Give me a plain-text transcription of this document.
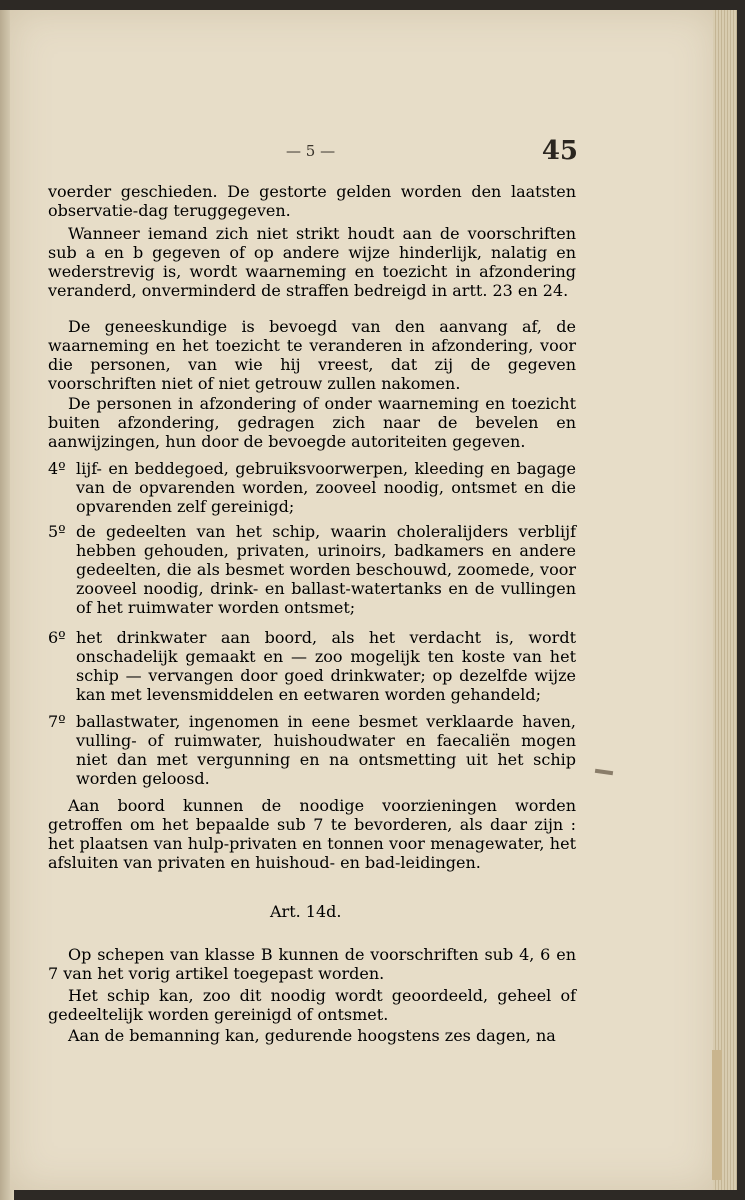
— 5 —	45

voerder geschieden. De gestorte gelden worden den laatsten observatie-dag teruggegeven.

Wanneer iemand zich niet strikt houdt aan de voorschriften sub a en b gegeven of op andere wijze hinderlijk, nalatig en wederstrevig is, wordt waarneming en toezicht in afzondering veranderd, onverminderd de straffen bedreigd in artt. 23 en 24.

De geneeskundige is bevoegd van den aanvang af, de waarneming en het toezicht te veranderen in afzondering, voor die personen, van wie hij vreest, dat zij de gegeven voorschriften niet of niet getrouw zullen nakomen.

De personen in afzondering of onder waarneming en toezicht buiten afzondering, gedragen zich naar de bevelen en aanwijzingen, hun door de bevoegde autoriteiten gegeven.

4º lijf- en beddegoed, gebruiksvoorwerpen, kleeding en bagage van de opvarenden worden, zooveel noodig, ontsmet en die opvarenden zelf gereinigd;

5º de gedeelten van het schip, waarin choleralijders verblijf hebben gehouden, privaten, urinoirs, badkamers en andere gedeelten, die als besmet worden beschouwd, zoomede, voor zooveel noodig, drink- en ballast-watertanks en de vullingen of het ruimwater worden ontsmet;

6º het drinkwater aan boord, als het verdacht is, wordt onschadelijk gemaakt en — zoo mogelijk ten koste van het schip — vervangen door goed drinkwater; op dezelfde wijze kan met levensmiddelen en eetwaren worden gehandeld;

7º ballastwater, ingenomen in eene besmet verklaarde haven, vulling- of ruimwater, huishoudwater en faecaliën mogen niet dan met vergunning en na ontsmetting uit het schip worden geloosd.

Aan boord kunnen de noodige voorzieningen worden getroffen om het bepaalde sub 7 te bevorderen, als daar zijn : het plaatsen van hulp-privaten en tonnen voor menagewater, het afsluiten van privaten en huishoud- en bad-leidingen.

Art. 14d.

Op schepen van klasse B kunnen de voorschriften sub 4, 6 en 7 van het vorig artikel toegepast worden.

Het schip kan, zoo dit noodig wordt geoordeeld, geheel of gedeeltelijk worden gereinigd of ontsmet.

Aan de bemanning kan, gedurende hoogstens zes dagen, na
